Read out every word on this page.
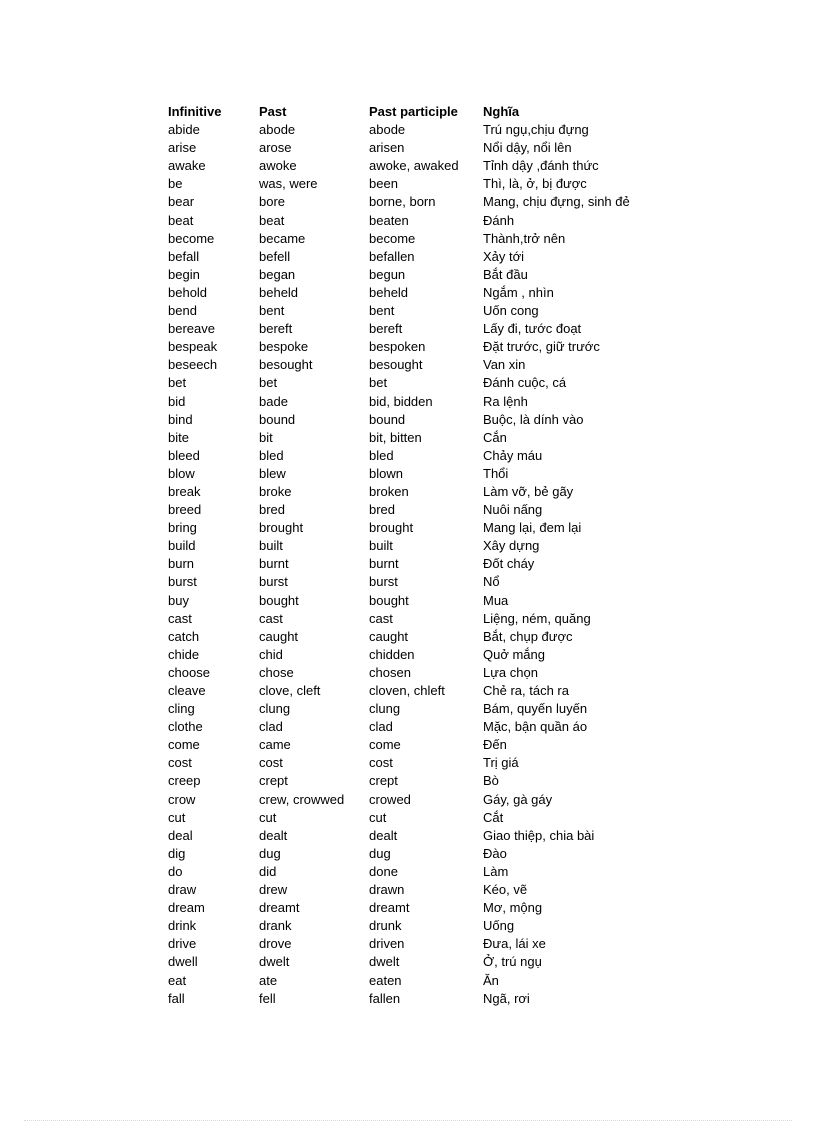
Infinitive	Past	Past participle	Nghĩa
abide	abode	abode	Trú ngụ,chịu đựng
arise	arose	arisen	Nổi dậy, nổi lên
awake	awoke	awoke, awaked	Tỉnh dậy ,đánh thức
be	was, were	been	Thì, là, ở, bị được
bear	bore	borne, born	Mang, chịu đựng, sinh đẻ
beat	beat	beaten	Đánh
become	became	become	Thành,trở nên
befall	befell	befallen	Xảy tới
begin	began	begun	Bắt đầu
behold	beheld	beheld	Ngắm , nhìn
bend	bent	bent	Uốn cong
bereave	bereft	bereft	Lấy đi, tước đoạt
bespeak	bespoke	bespoken	Đặt trước, giữ trước
beseech	besought	besought	Van xin
bet	bet	bet	Đánh cuộc, cá
bid	bade	bid, bidden	Ra lệnh
bind	bound	bound	Buộc, là dính vào
bite	bit	bit, bitten	Cắn
bleed	bled	bled	Chảy máu
blow	blew	blown	Thổi
break	broke	broken	Làm vỡ, bẻ gãy
breed	bred	bred	Nuôi nấng
bring	brought	brought	Mang lại, đem lại
build	built	built	Xây dựng
burn	burnt	burnt	Đốt cháy
burst	burst	burst	Nổ
buy	bought	bought	Mua
cast	cast	cast	Liệng, ném, quăng
catch	caught	caught	Bắt, chụp được
chide	chid	chidden	Quở mắng
choose	chose	chosen	Lựa chọn
cleave	clove, cleft	cloven, chleft	Chẻ ra, tách ra
cling	clung	clung	Bám, quyến luyến
clothe	clad	clad	Mặc, bận quần áo
come	came	come	Đến
cost	cost	cost	Trị giá
creep	crept	crept	Bò
crow	crew, crowwed	crowed	Gáy, gà gáy
cut	cut	cut	Cắt
deal	dealt	dealt	Giao thiệp, chia bài
dig	dug	dug	Đào
do	did	done	Làm
draw	drew	drawn	Kéo, vẽ
dream	dreamt	dreamt	Mơ, mộng
drink	drank	drunk	Uống
drive	drove	driven	Đưa, lái xe
dwell	dwelt	dwelt	Ở, trú ngụ
eat	ate	eaten	Ăn
fall	fell	fallen	Ngã, rơi
